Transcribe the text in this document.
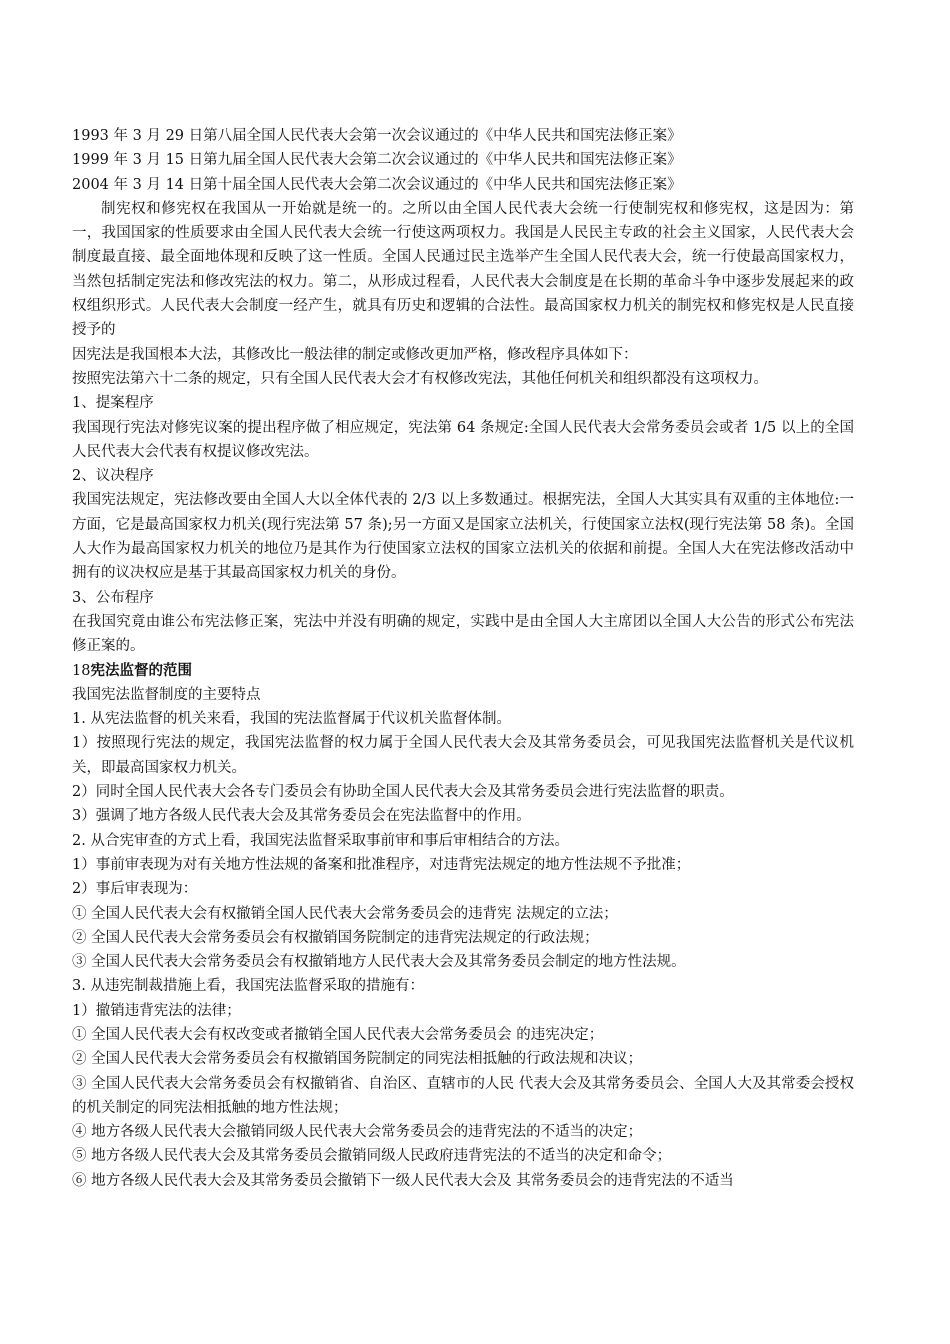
1993 年 3 月 29 日第八届全国人民代表大会第一次会议通过的《中华人民共和国宪法修正案》
1999 年 3 月 15 日第九届全国人民代表大会第二次会议通过的《中华人民共和国宪法修正案》
2004 年 3 月 14 日第十届全国人民代表大会第二次会议通过的《中华人民共和国宪法修正案》

制宪权和修宪权在我国从一开始就是统一的。之所以由全国人民代表大会统一行使制宪权和修宪权，这是因为：第一，我国国家的性质要求由全国人民代表大会统一行使这两项权力。我国是人民民主专政的社会主义国家，人民代表大会制度最直接、最全面地体现和反映了这一性质。全国人民通过民主选举产生全国人民代表大会，统一行使最高国家权力，当然包括制定宪法和修改宪法的权力。第二，从形成过程看，人民代表大会制度是在长期的革命斗争中逐步发展起来的政权组织形式。人民代表大会制度一经产生，就具有历史和逻辑的合法性。最高国家权力机关的制宪权和修宪权是人民直接授予的

因宪法是我国根本大法，其修改比一般法律的制定或修改更加严格，修改程序具体如下：
按照宪法第六十二条的规定，只有全国人民代表大会才有权修改宪法，其他任何机关和组织都没有这项权力。
1、提案程序

我国现行宪法对修宪议案的提出程序做了相应规定，宪法第 64 条规定:全国人民代表大会常务委员会或者 1/5 以上的全国人民代表大会代表有权提议修改宪法。

2、议决程序

我国宪法规定，宪法修改要由全国人大以全体代表的 2/3 以上多数通过。根据宪法，全国人大其实具有双重的主体地位:一方面，它是最高国家权力机关(现行宪法第 57 条);另一方面又是国家立法机关，行使国家立法权(现行宪法第 58 条)。全国人大作为最高国家权力机关的地位乃是其作为行使国家立法权的国家立法机关的依据和前提。全国人大在宪法修改活动中拥有的议决权应是基于其最高国家权力机关的身份。

3、公布程序

在我国究竟由谁公布宪法修正案，宪法中并没有明确的规定，实践中是由全国人大主席团以全国人大公告的形式公布宪法修正案的。

18宪法监督的范围
我国宪法监督制度的主要特点
1. 从宪法监督的机关来看，我国的宪法监督属于代议机关监督体制。

1）按照现行宪法的规定，我国宪法监督的权力属于全国人民代表大会及其常务委员会，可见我国宪法监督机关是代议机关，即最高国家权力机关。

2）同时全国人民代表大会各专门委员会有协助全国人民代表大会及其常务委员会进行宪法监督的职责。
3）强调了地方各级人民代表大会及其常务委员会在宪法监督中的作用。
2. 从合宪审查的方式上看，我国宪法监督采取事前审和事后审相结合的方法。
1）事前审表现为对有关地方性法规的备案和批准程序，对违背宪法规定的地方性法规不予批准；
2）事后审表现为：
① 全国人民代表大会有权撤销全国人民代表大会常务委员会的违背宪 法规定的立法；
② 全国人民代表大会常务委员会有权撤销国务院制定的违背宪法规定的行政法规；
③ 全国人民代表大会常务委员会有权撤销地方人民代表大会及其常务委员会制定的地方性法规。
3. 从违宪制裁措施上看，我国宪法监督采取的措施有：
1）撤销违背宪法的法律；
① 全国人民代表大会有权改变或者撤销全国人民代表大会常务委员会 的违宪决定；
② 全国人民代表大会常务委员会有权撤销国务院制定的同宪法相抵触的行政法规和决议；

③ 全国人民代表大会常务委员会有权撤销省、自治区、直辖市的人民 代表大会及其常务委员会、全国人大及其常委会授权的机关制定的同宪法相抵触的地方性法规；

④ 地方各级人民代表大会撤销同级人民代表大会常务委员会的违背宪法的不适当的决定；
⑤ 地方各级人民代表大会及其常务委员会撤销同级人民政府违背宪法的不适当的决定和命令；
⑥ 地方各级人民代表大会及其常务委员会撤销下一级人民代表大会及 其常务委员会的违背宪法的不适当
